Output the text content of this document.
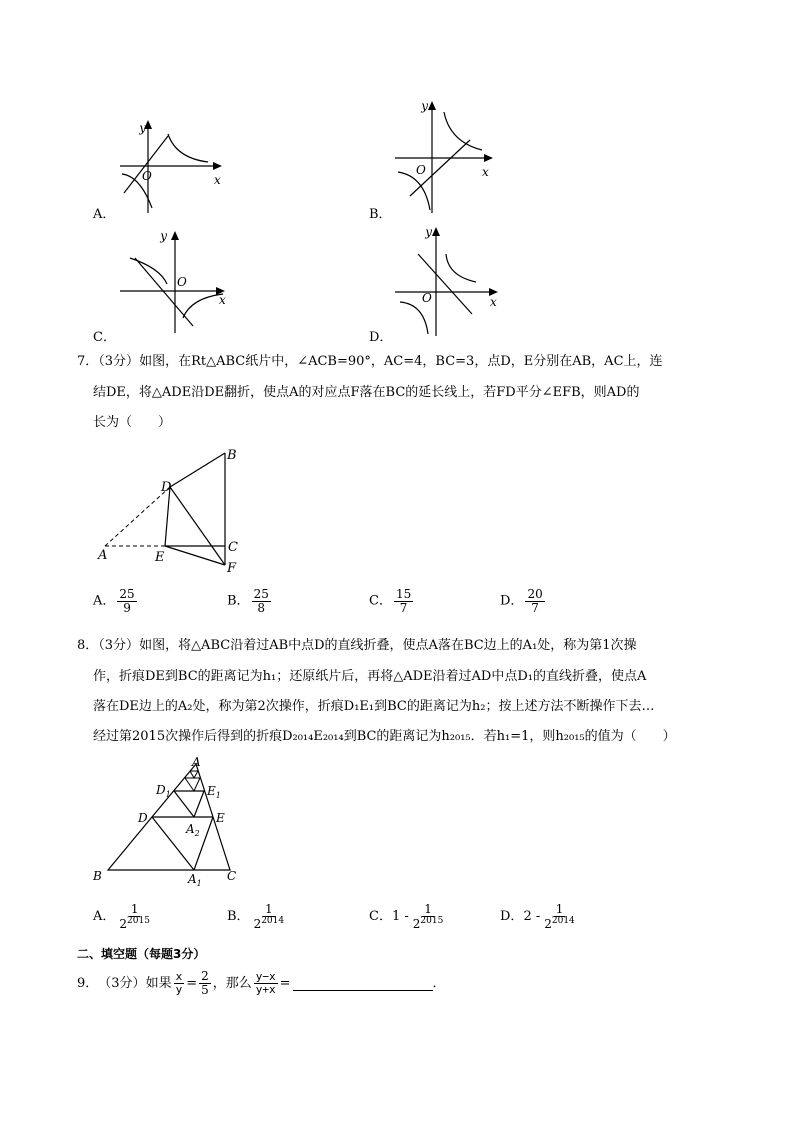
y
x
O
A．
y
x
O
B．
y
x
O
C．
y
x
O
D．
7．（3分）如图，在Rt△ABC纸片中，∠ACB=90°，AC=4，BC=3，点D，E分别在AB，AC上，连
结DE，将△ADE沿DE翻折，使点A的对应点F落在BC的延长线上，若FD平分∠EFB，则AD的
长为（　　）
A
B
C
D
E
F
A． $\frac{25}{9}$	B． $\frac{25}{8}$	C． $\frac{15}{7}$	D． $\frac{20}{7}$
8．（3分）如图，将△ABC沿着过AB中点D的直线折叠，使点A落在BC边上的A₁处，称为第1次操
作，折痕DE到BC的距离记为h₁；还原纸片后，再将△ADE沿着过AD中点D₁的直线折叠，使点A
落在DE边上的A₂处，称为第2次操作，折痕D₁E₁到BC的距离记为h₂；按上述方法不断操作下去…
经过第2015次操作后得到的折痕D₂₀₁₄E₂₀₁₄到BC的距离记为h₂₀₁₅．若h₁=1，则h₂₀₁₅的值为（　　）
A
B	C
D	E
$D_1$	$E_1$
$A_2$
$A_1$
A． $\frac{1}{2^{2015}}$	B． $\frac{1}{2^{2014}}$	C．$1 - \frac{1}{2^{2015}}$	D．$2 - \frac{1}{2^{2014}}$
二、填空题（每题3分）
9． （3分） 如果 $\frac{x}{y} = \frac{2}{5}$ ，那么 $\frac{y-x}{y+x}$ =	．
